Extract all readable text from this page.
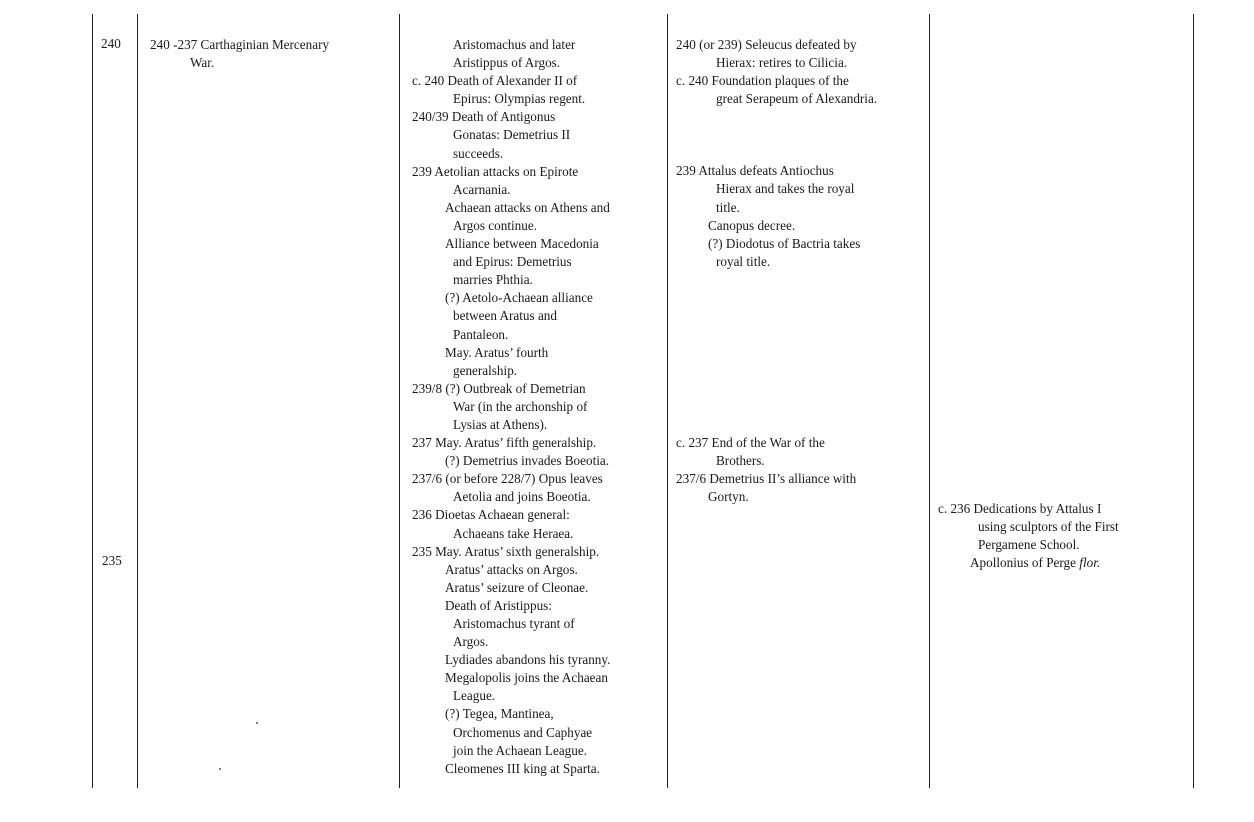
240
235
240 -237 Carthaginian Mercenary
War.
Aristomachus and later
Aristippus of Argos.
c. 240 Death of Alexander II of
Epirus: Olympias regent.
240/39 Death of Antigonus
Gonatas: Demetrius II
succeeds.
239 Aetolian attacks on Epirote
Acarnania.
Achaean attacks on Athens and
Argos continue.
Alliance between Macedonia
and Epirus: Demetrius
marries Phthia.
(?) Aetolo-Achaean alliance
between Aratus and
Pantaleon.
May. Aratus’ fourth
generalship.
239/8 (?) Outbreak of Demetrian
War (in the archonship of
Lysias at Athens).
237 May. Aratus’ fifth generalship.
(?) Demetrius invades Boeotia.
237/6 (or before 228/7) Opus leaves
Aetolia and joins Boeotia.
236 Dioetas Achaean general:
Achaeans take Heraea.
235 May. Aratus’ sixth generalship.
Aratus’ attacks on Argos.
Aratus’ seizure of Cleonae.
Death of Aristippus:
Aristomachus tyrant of
Argos.
Lydiades abandons his tyranny.
Megalopolis joins the Achaean
League.
(?) Tegea, Mantinea,
Orchomenus and Caphyae
join the Achaean League.
Cleomenes III king at Sparta.
240 (or 239) Seleucus defeated by
Hierax: retires to Cilicia.
c. 240 Foundation plaques of the
great Serapeum of Alexandria.
239 Attalus defeats Antiochus
Hierax and takes the royal
title.
Canopus decree.
(?) Diodotus of Bactria takes
royal title.
c. 237 End of the War of the
Brothers.
237/6 Demetrius II’s alliance with
Gortyn.
c. 236 Dedications by Attalus I
using sculptors of the First
Pergamene School.
Apollonius of Perge flor.
